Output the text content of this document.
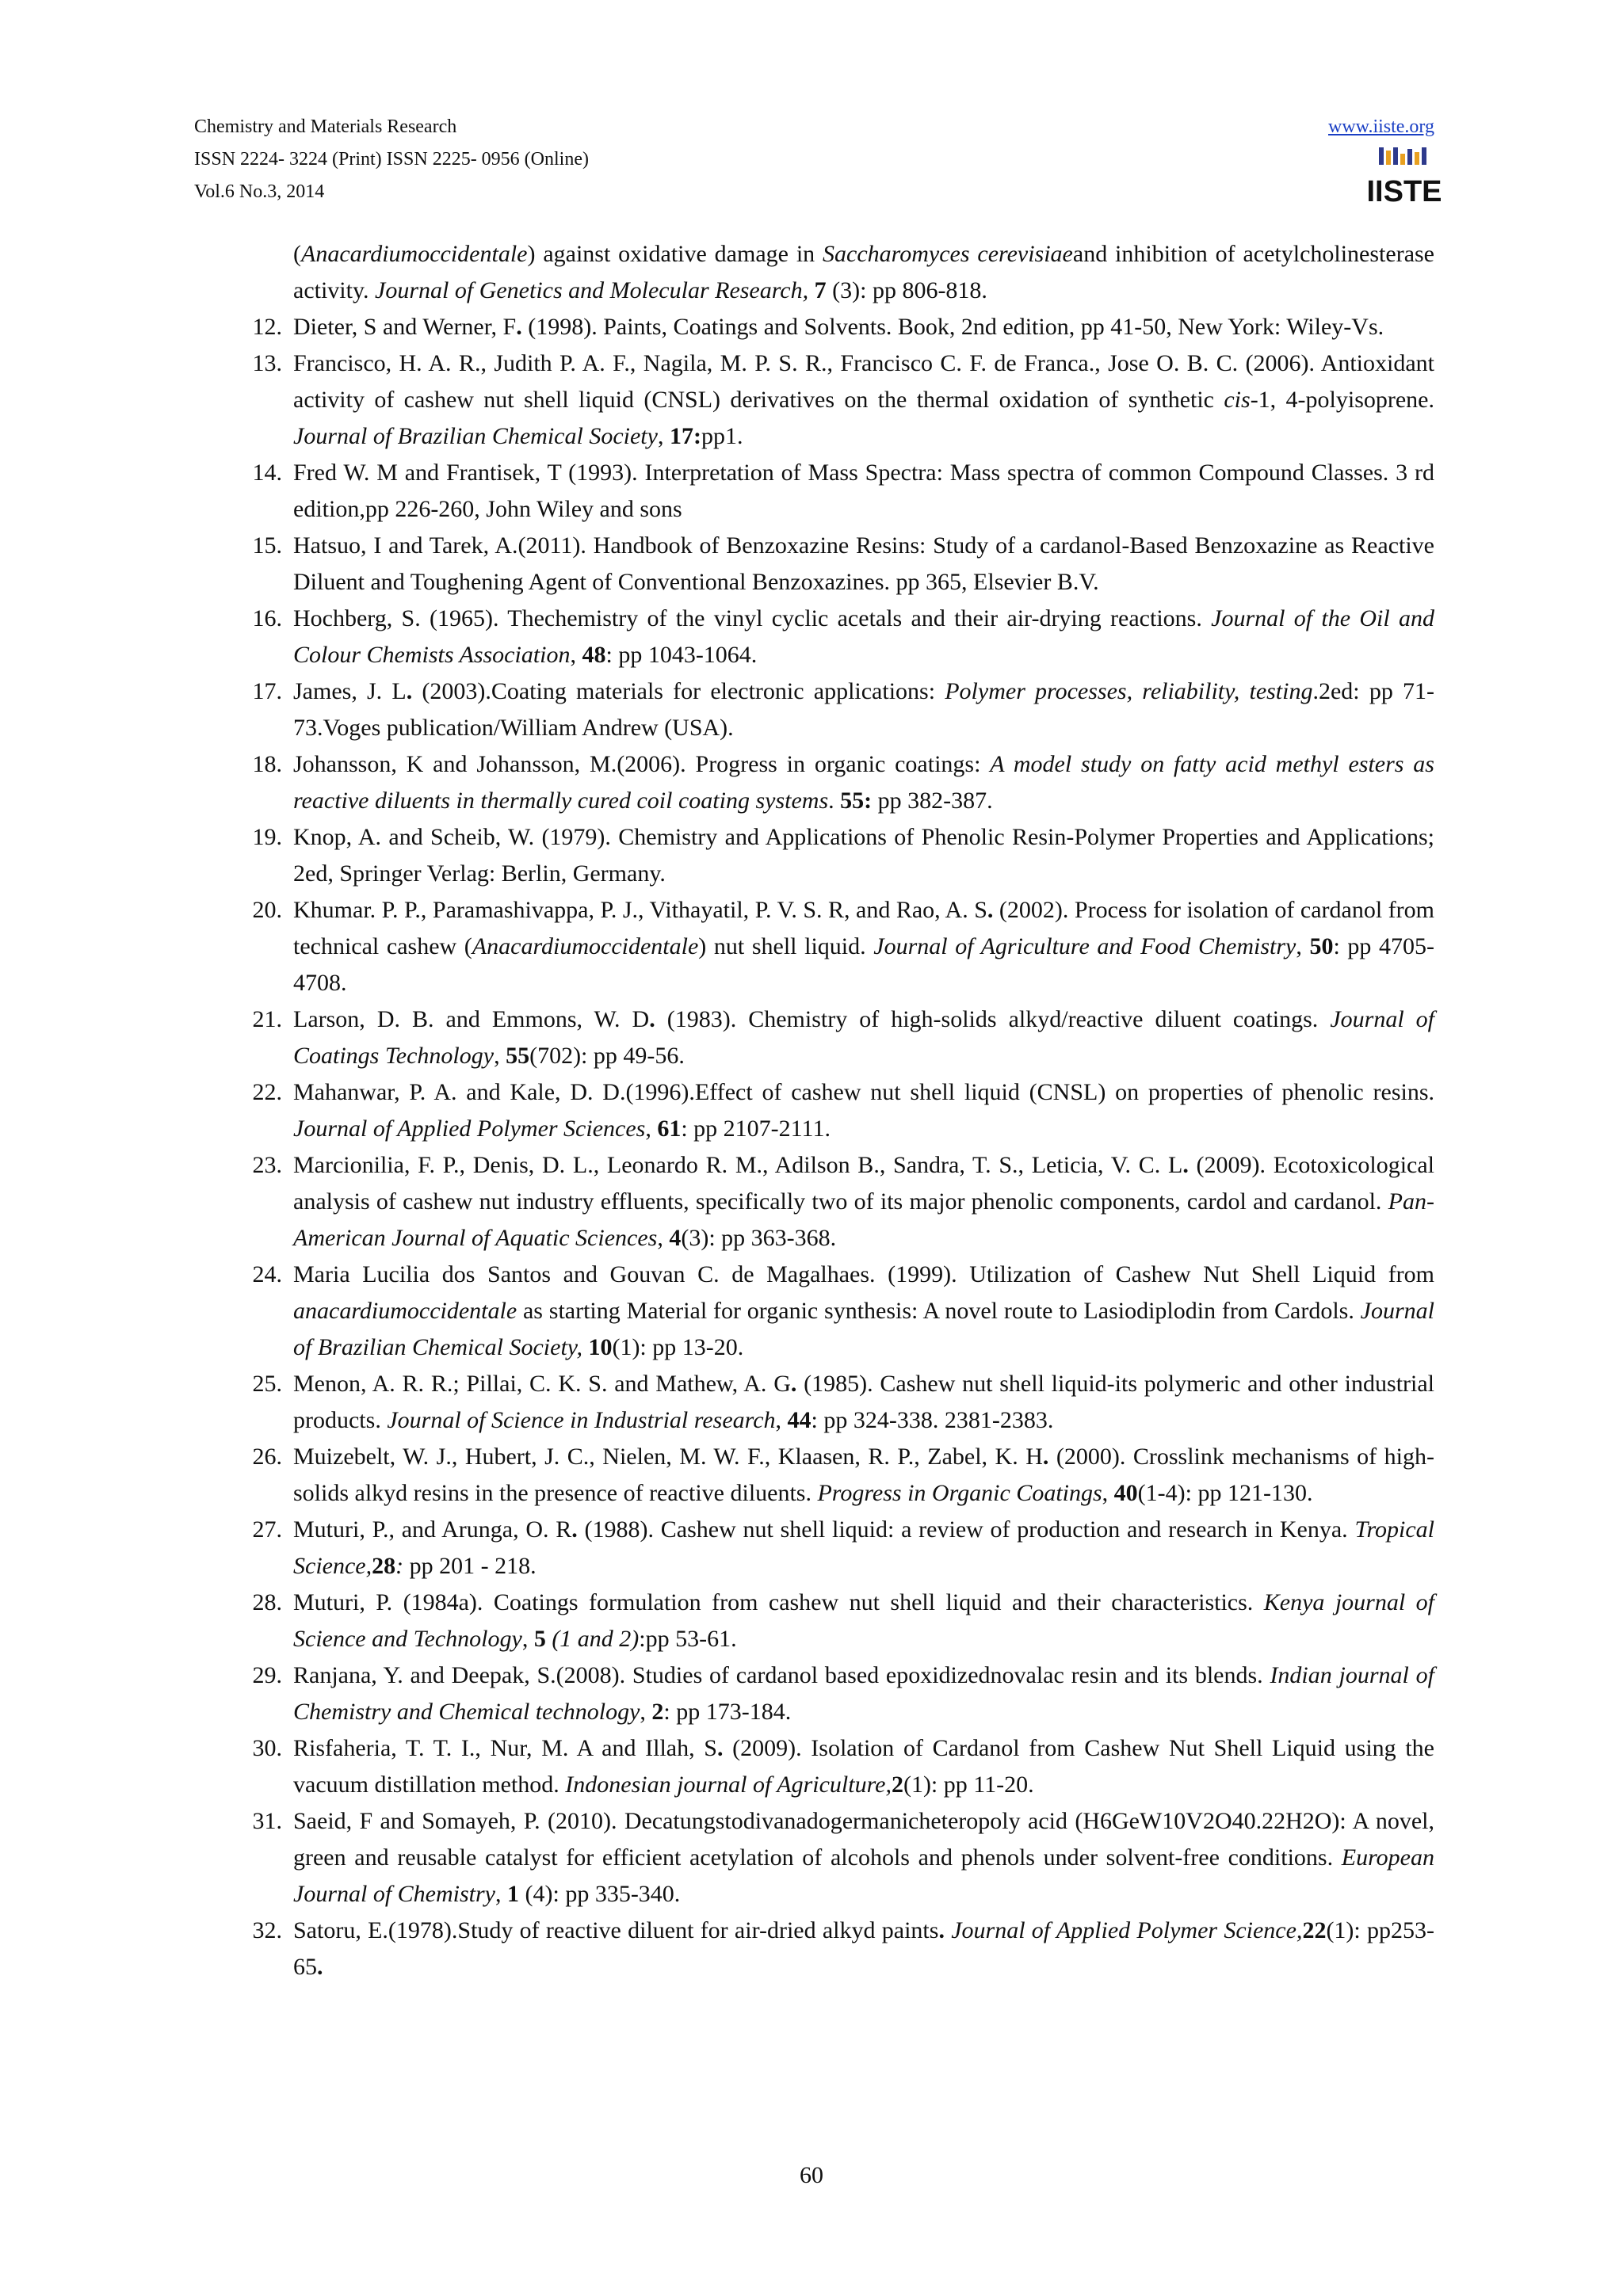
Chemistry and Materials Research
ISSN 2224- 3224 (Print) ISSN 2225- 0956 (Online)
Vol.6 No.3, 2014
www.iiste.org
IISTE
(Anacardiumoccidentale) against oxidative damage in Saccharomyces cerevisiaeand inhibition of acetylcholinesterase activity. Journal of Genetics and Molecular Research, 7 (3): pp 806-818.
12. Dieter, S and Werner, F. (1998). Paints, Coatings and Solvents. Book, 2nd edition, pp 41-50, New York: Wiley-Vs.
13. Francisco, H. A. R., Judith P. A. F., Nagila, M. P. S. R., Francisco C. F. de Franca., Jose O. B. C. (2006). Antioxidant activity of cashew nut shell liquid (CNSL) derivatives on the thermal oxidation of synthetic cis-1, 4-polyisoprene. Journal of Brazilian Chemical Society, 17:pp1.
14. Fred W. M and Frantisek, T (1993). Interpretation of Mass Spectra: Mass spectra of common Compound Classes. 3 rd edition,pp 226-260, John Wiley and sons
15. Hatsuo, I and Tarek, A.(2011). Handbook of Benzoxazine Resins: Study of a cardanol-Based Benzoxazine as Reactive Diluent and Toughening Agent of Conventional Benzoxazines. pp 365, Elsevier B.V.
16. Hochberg, S. (1965). Thechemistry of the vinyl cyclic acetals and their air-drying reactions. Journal of the Oil and Colour Chemists Association, 48: pp 1043-1064.
17. James, J. L. (2003).Coating materials for electronic applications: Polymer processes, reliability, testing.2ed: pp 71-73.Voges publication/William Andrew (USA).
18. Johansson, K and Johansson, M.(2006). Progress in organic coatings: A model study on fatty acid methyl esters as reactive diluents in thermally cured coil coating systems. 55: pp 382-387.
19. Knop, A. and Scheib, W. (1979). Chemistry and Applications of Phenolic Resin-Polymer Properties and Applications; 2ed, Springer Verlag: Berlin, Germany.
20. Khumar. P. P., Paramashivappa, P. J., Vithayatil, P. V. S. R, and Rao, A. S. (2002). Process for isolation of cardanol from technical cashew (Anacardiumoccidentale) nut shell liquid. Journal of Agriculture and Food Chemistry, 50: pp 4705-4708.
21. Larson, D. B. and Emmons, W. D. (1983). Chemistry of high-solids alkyd/reactive diluent coatings. Journal of Coatings Technology, 55(702): pp 49-56.
22. Mahanwar, P. A. and Kale, D. D.(1996).Effect of cashew nut shell liquid (CNSL) on properties of phenolic resins. Journal of Applied Polymer Sciences, 61: pp 2107-2111.
23. Marcionilia, F. P., Denis, D. L., Leonardo R. M., Adilson B., Sandra, T. S., Leticia, V. C. L. (2009). Ecotoxicological analysis of cashew nut industry effluents, specifically two of its major phenolic components, cardol and cardanol. Pan-American Journal of Aquatic Sciences, 4(3): pp 363-368.
24. Maria Lucilia dos Santos and Gouvan C. de Magalhaes. (1999). Utilization of Cashew Nut Shell Liquid from anacardiumoccidentale as starting Material for organic synthesis: A novel route to Lasiodiplodin from Cardols. Journal of Brazilian Chemical Society, 10(1): pp 13-20.
25. Menon, A. R. R.; Pillai, C. K. S. and Mathew, A. G. (1985). Cashew nut shell liquid-its polymeric and other industrial products. Journal of Science in Industrial research, 44: pp 324-338. 2381-2383.
26. Muizebelt, W. J., Hubert, J. C., Nielen, M. W. F., Klaasen, R. P., Zabel, K. H. (2000). Crosslink mechanisms of high-solids alkyd resins in the presence of reactive diluents. Progress in Organic Coatings, 40(1-4): pp 121-130.
27. Muturi, P., and Arunga, O. R. (1988). Cashew nut shell liquid: a review of production and research in Kenya. Tropical Science,28: pp 201 - 218.
28. Muturi, P. (1984a). Coatings formulation from cashew nut shell liquid and their characteristics. Kenya journal of Science and Technology, 5 (1 and 2):pp 53-61.
29. Ranjana, Y. and Deepak, S.(2008). Studies of cardanol based epoxidizednovalac resin and its blends. Indian journal of Chemistry and Chemical technology, 2: pp 173-184.
30. Risfaheria, T. T. I., Nur, M. A and Illah, S. (2009). Isolation of Cardanol from Cashew Nut Shell Liquid using the vacuum distillation method. Indonesian journal of Agriculture,2(1): pp 11-20.
31. Saeid, F and Somayeh, P. (2010). Decatungstodivanadogermanicheteropoly acid (H6GeW10V2O40.22H2O): A novel, green and reusable catalyst for efficient acetylation of alcohols and phenols under solvent-free conditions. European Journal of Chemistry, 1 (4): pp 335-340.
32. Satoru, E.(1978).Study of reactive diluent for air-dried alkyd paints. Journal of Applied Polymer Science,22(1): pp253-65.
60
